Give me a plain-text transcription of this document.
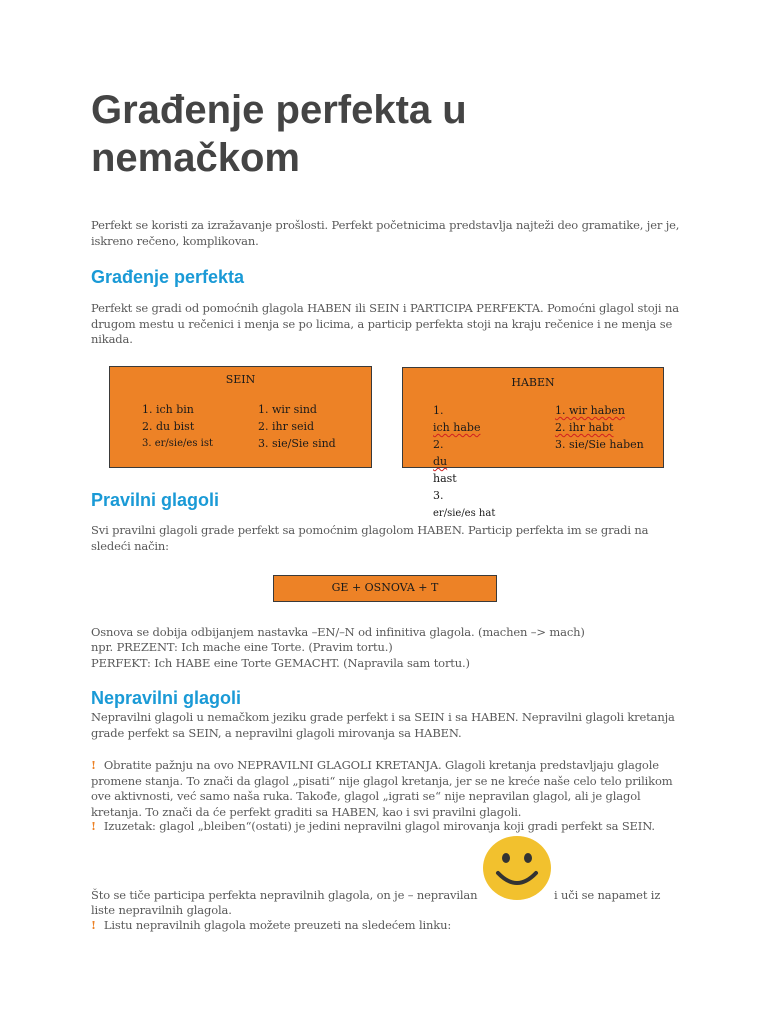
Građenje perfekta u nemačkom

Perfekt se koristi za izražavanje prošlosti. Perfekt početnicima predstavlja najteži deo gramatike, jer je, iskreno rečeno, komplikovan.

Građenje perfekta

Perfekt se gradi od pomoćnih glagola HABEN ili SEIN i PARTICIPA PERFEKTA. Pomoćni glagol stoji na drugom mestu u rečenici i menja se po licima, a particip perfekta stoji na kraju rečenice i ne menja se nikada.

SEIN
1. ich bin
2. du bist
3. er/sie/es ist
1. wir sind
2. ihr seid
3. sie/Sie sind
HABEN
1.
ich habe
2.
du
hast
3.
er/sie/es hat
1. wir haben
2. ihr habt
3. sie/Sie haben
Pravilni glagoli

Svi pravilni glagoli grade perfekt sa pomoćnim glagolom HABEN. Particip perfekta im se gradi na sledeći način:

GE + OSNOVA + T

Osnova se dobija odbijanjem nastavka –EN/–N od infinitiva glagola. (machen –> mach)

npr. PREZENT: Ich mache eine Torte. (Pravim tortu.)

PERFEKT: Ich HABE eine Torte GEMACHT. (Napravila sam tortu.)

Nepravilni glagoli

Nepravilni glagoli u nemačkom jeziku grade perfekt i sa SEIN i sa HABEN. Nepravilni glagoli kretanja grade perfekt sa SEIN, a nepravilni glagoli mirovanja sa HABEN.

! Obratite pažnju na ovo NEPRAVILNI GLAGOLI KRETANJA. Glagoli kretanja predstavljaju glagole promene stanja. To znači da glagol „pisati“ nije glagol kretanja, jer se ne kreće naše celo telo prilikom ove aktivnosti, već samo naša ruka. Takođe, glagol „igrati se“ nije nepravilan glagol, ali je glagol kretanja. To znači da će perfekt graditi sa HABEN, kao i svi pravilni glagoli.

! Izuzetak: glagol „bleiben“(ostati) je jedini nepravilni glagol mirovanja koji gradi perfekt sa SEIN.

Što se tiče participa perfekta nepravilnih glagola, on je – nepravilan	i uči se napamet iz

liste nepravilnih glagola.

! Listu nepravilnih glagola možete preuzeti na sledećem linku:
